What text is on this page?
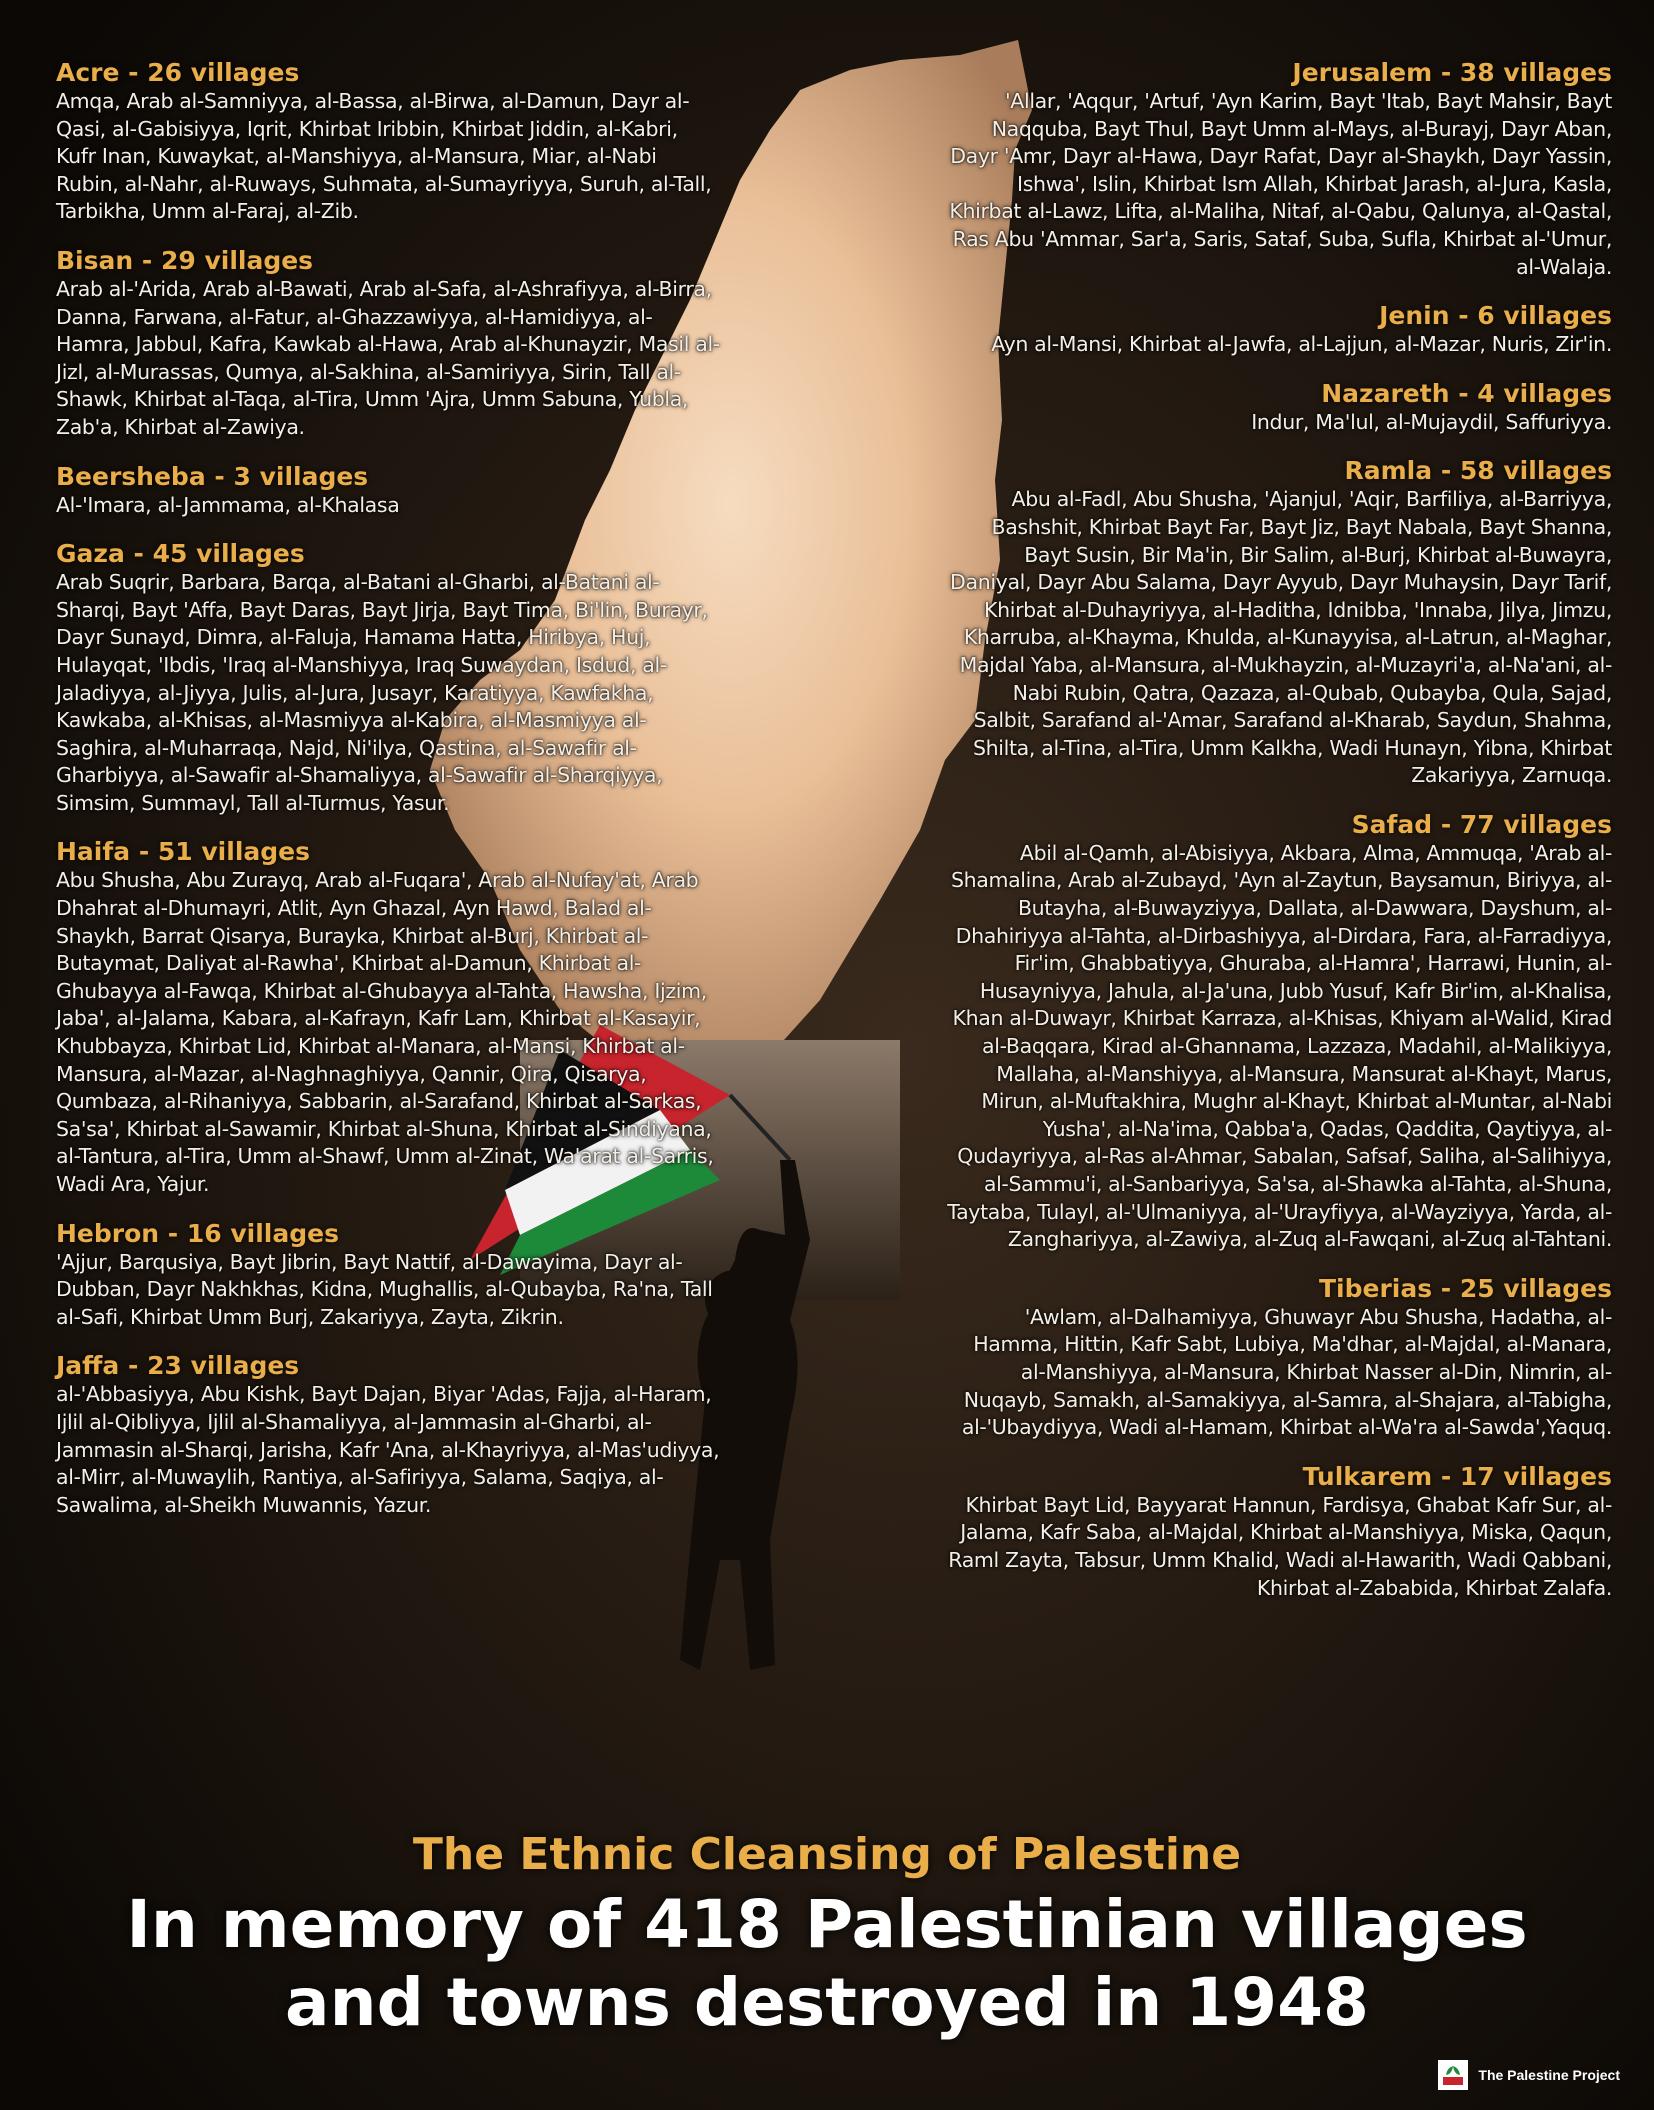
Acre - 26 villages
Amqa, Arab al-Samniyya, al-Bassa, al-Birwa, al-Damun, Dayr al-Qasi, al-Gabisiyya, Iqrit, Khirbat Iribbin, Khirbat Jiddin, al-Kabri, Kufr Inan, Kuwaykat, al-Manshiyya, al-Mansura, Miar, al-Nabi Rubin, al-Nahr, al-Ruways, Suhmata, al-Sumayriyya, Suruh, al-Tall, Tarbikha, Umm al-Faraj, al-Zib.
Bisan - 29 villages
Arab al-'Arida, Arab al-Bawati, Arab al-Safa, al-Ashrafiyya, al-Birra, Danna, Farwana, al-Fatur, al-Ghazzawiyya, al-Hamidiyya, al-Hamra, Jabbul, Kafra, Kawkab al-Hawa, Arab al-Khunayzir, Masil al-Jizl, al-Murassas, Qumya, al-Sakhina, al-Samiriyya, Sirin, Tall al-Shawk, Khirbat al-Taqa, al-Tira, Umm 'Ajra, Umm Sabuna, Yubla, Zab'a, Khirbat al-Zawiya.
Beersheba - 3 villages
Al-'Imara, al-Jammama, al-Khalasa
Gaza - 45 villages
Arab Suqrir, Barbara, Barqa, al-Batani al-Gharbi, al-Batani al-Sharqi, Bayt 'Affa, Bayt Daras, Bayt Jirja, Bayt Tima, Bi'lin, Burayr, Dayr Sunayd, Dimra, al-Faluja, Hamama Hatta, Hiribya, Huj, Hulayqat, 'Ibdis, 'Iraq al-Manshiyya, Iraq Suwaydan, Isdud, al-Jaladiyya, al-Jiyya, Julis, al-Jura, Jusayr, Karatiyya, Kawfakha, Kawkaba, al-Khisas, al-Masmiyya al-Kabira, al-Masmiyya al-Saghira, al-Muharraqa, Najd, Ni'ilya, Qastina, al-Sawafir al-Gharbiyya, al-Sawafir al-Shamaliyya, al-Sawafir al-Sharqiyya, Simsim, Summayl, Tall al-Turmus, Yasur.
Haifa - 51 villages
Abu Shusha, Abu Zurayq, Arab al-Fuqara', Arab al-Nufay'at, Arab Dhahrat al-Dhumayri, Atlit, Ayn Ghazal, Ayn Hawd, Balad al-Shaykh, Barrat Qisarya, Burayka, Khirbat al-Burj, Khirbat al-Butaymat, Daliyat al-Rawha', Khirbat al-Damun, Khirbat al-Ghubayya al-Fawqa, Khirbat al-Ghubayya al-Tahta, Hawsha, Ijzim, Jaba', al-Jalama, Kabara, al-Kafrayn, Kafr Lam, Khirbat al-Kasayir, Khubbayza, Khirbat Lid, Khirbat al-Manara, al-Mansi, Khirbat al-Mansura, al-Mazar, al-Naghnaghiyya, Qannir, Qira, Qisarya, Qumbaza, al-Rihaniyya, Sabbarin, al-Sarafand, Khirbat al-Sarkas, Sa'sa', Khirbat al-Sawamir, Khirbat al-Shuna, Khirbat al-Sindiyana, al-Tantura, al-Tira, Umm al-Shawf, Umm al-Zinat, Wa'arat al-Sarris, Wadi Ara, Yajur.
Hebron - 16 villages
'Ajjur, Barqusiya, Bayt Jibrin, Bayt Nattif, al-Dawayima, Dayr al-Dubban, Dayr Nakhkhas, Kidna, Mughallis, al-Qubayba, Ra'na, Tall al-Safi, Khirbat Umm Burj, Zakariyya, Zayta, Zikrin.
Jaffa - 23 villages
al-'Abbasiyya, Abu Kishk, Bayt Dajan, Biyar 'Adas, Fajja, al-Haram, Ijlil al-Qibliyya, Ijlil al-Shamaliyya, al-Jammasin al-Gharbi, al-Jammasin al-Sharqi, Jarisha, Kafr 'Ana, al-Khayriyya, al-Mas'udiyya, al-Mirr, al-Muwaylih, Rantiya, al-Safiriyya, Salama, Saqiya, al-Sawalima, al-Sheikh Muwannis, Yazur.
Jerusalem - 38 villages
'Allar, 'Aqqur, 'Artuf, 'Ayn Karim, Bayt 'Itab, Bayt Mahsir, Bayt Naqquba, Bayt Thul, Bayt Umm al-Mays, al-Burayj, Dayr Aban, Dayr 'Amr, Dayr al-Hawa, Dayr Rafat, Dayr al-Shaykh, Dayr Yassin, Ishwa', Islin, Khirbat Ism Allah, Khirbat Jarash, al-Jura, Kasla, Khirbat al-Lawz, Lifta, al-Maliha, Nitaf, al-Qabu, Qalunya, al-Qastal, Ras Abu 'Ammar, Sar'a, Saris, Sataf, Suba, Sufla, Khirbat al-'Umur, al-Walaja.
Jenin - 6 villages
Ayn al-Mansi, Khirbat al-Jawfa, al-Lajjun, al-Mazar, Nuris, Zir'in.
Nazareth - 4 villages
Indur, Ma'lul, al-Mujaydil, Saffuriyya.
Ramla - 58 villages
Abu al-Fadl, Abu Shusha, 'Ajanjul, 'Aqir, Barfiliya, al-Barriyya, Bashshit, Khirbat Bayt Far, Bayt Jiz, Bayt Nabala, Bayt Shanna, Bayt Susin, Bir Ma'in, Bir Salim, al-Burj, Khirbat al-Buwayra, Daniyal, Dayr Abu Salama, Dayr Ayyub, Dayr Muhaysin, Dayr Tarif, Khirbat al-Duhayriyya, al-Haditha, Idnibba, 'Innaba, Jilya, Jimzu, Kharruba, al-Khayma, Khulda, al-Kunayyisa, al-Latrun, al-Maghar, Majdal Yaba, al-Mansura, al-Mukhayzin, al-Muzayri'a, al-Na'ani, al-Nabi Rubin, Qatra, Qazaza, al-Qubab, Qubayba, Qula, Sajad, Salbit, Sarafand al-'Amar, Sarafand al-Kharab, Saydun, Shahma, Shilta, al-Tina, al-Tira, Umm Kalkha, Wadi Hunayn, Yibna, Khirbat Zakariyya, Zarnuqa.
Safad - 77 villages
Abil al-Qamh, al-Abisiyya, Akbara, Alma, Ammuqa, 'Arab al-Shamalina, Arab al-Zubayd, 'Ayn al-Zaytun, Baysamun, Biriyya, al-Butayha, al-Buwayziyya, Dallata, al-Dawwara, Dayshum, al-Dhahiriyya al-Tahta, al-Dirbashiyya, al-Dirdara, Fara, al-Farradiyya, Fir'im, Ghabbatiyya, Ghuraba, al-Hamra', Harrawi, Hunin, al-Husayniyya, Jahula, al-Ja'una, Jubb Yusuf, Kafr Bir'im, al-Khalisa, Khan al-Duwayr, Khirbat Karraza, al-Khisas, Khiyam al-Walid, Kirad al-Baqqara, Kirad al-Ghannama, Lazzaza, Madahil, al-Malikiyya, Mallaha, al-Manshiyya, al-Mansura, Mansurat al-Khayt, Marus, Mirun, al-Muftakhira, Mughr al-Khayt, Khirbat al-Muntar, al-Nabi Yusha', al-Na'ima, Qabba'a, Qadas, Qaddita, Qaytiyya, al-Qudayriyya, al-Ras al-Ahmar, Sabalan, Safsaf, Saliha, al-Salihiyya, al-Sammu'i, al-Sanbariyya, Sa'sa, al-Shawka al-Tahta, al-Shuna, Taytaba, Tulayl, al-'Ulmaniyya, al-'Urayfiyya, al-Wayziyya, Yarda, al-Zanghariyya, al-Zawiya, al-Zuq al-Fawqani, al-Zuq al-Tahtani.
Tiberias - 25 villages
'Awlam, al-Dalhamiyya, Ghuwayr Abu Shusha, Hadatha, al-Hamma, Hittin, Kafr Sabt, Lubiya, Ma'dhar, al-Majdal, al-Manara, al-Manshiyya, al-Mansura, Khirbat Nasser al-Din, Nimrin, al-Nuqayb, Samakh, al-Samakiyya, al-Samra, al-Shajara, al-Tabigha, al-'Ubaydiyya, Wadi al-Hamam, Khirbat al-Wa'ra al-Sawda',Yaquq.
Tulkarem - 17 villages
Khirbat Bayt Lid, Bayyarat Hannun, Fardisya, Ghabat Kafr Sur, al-Jalama, Kafr Saba, al-Majdal, Khirbat al-Manshiyya, Miska, Qaqun, Raml Zayta, Tabsur, Umm Khalid, Wadi al-Hawarith, Wadi Qabbani, Khirbat al-Zababida, Khirbat Zalafa.
The Ethnic Cleansing of Palestine
In memory of 418 Palestinian villages
and towns destroyed in 1948
The Palestine Project
